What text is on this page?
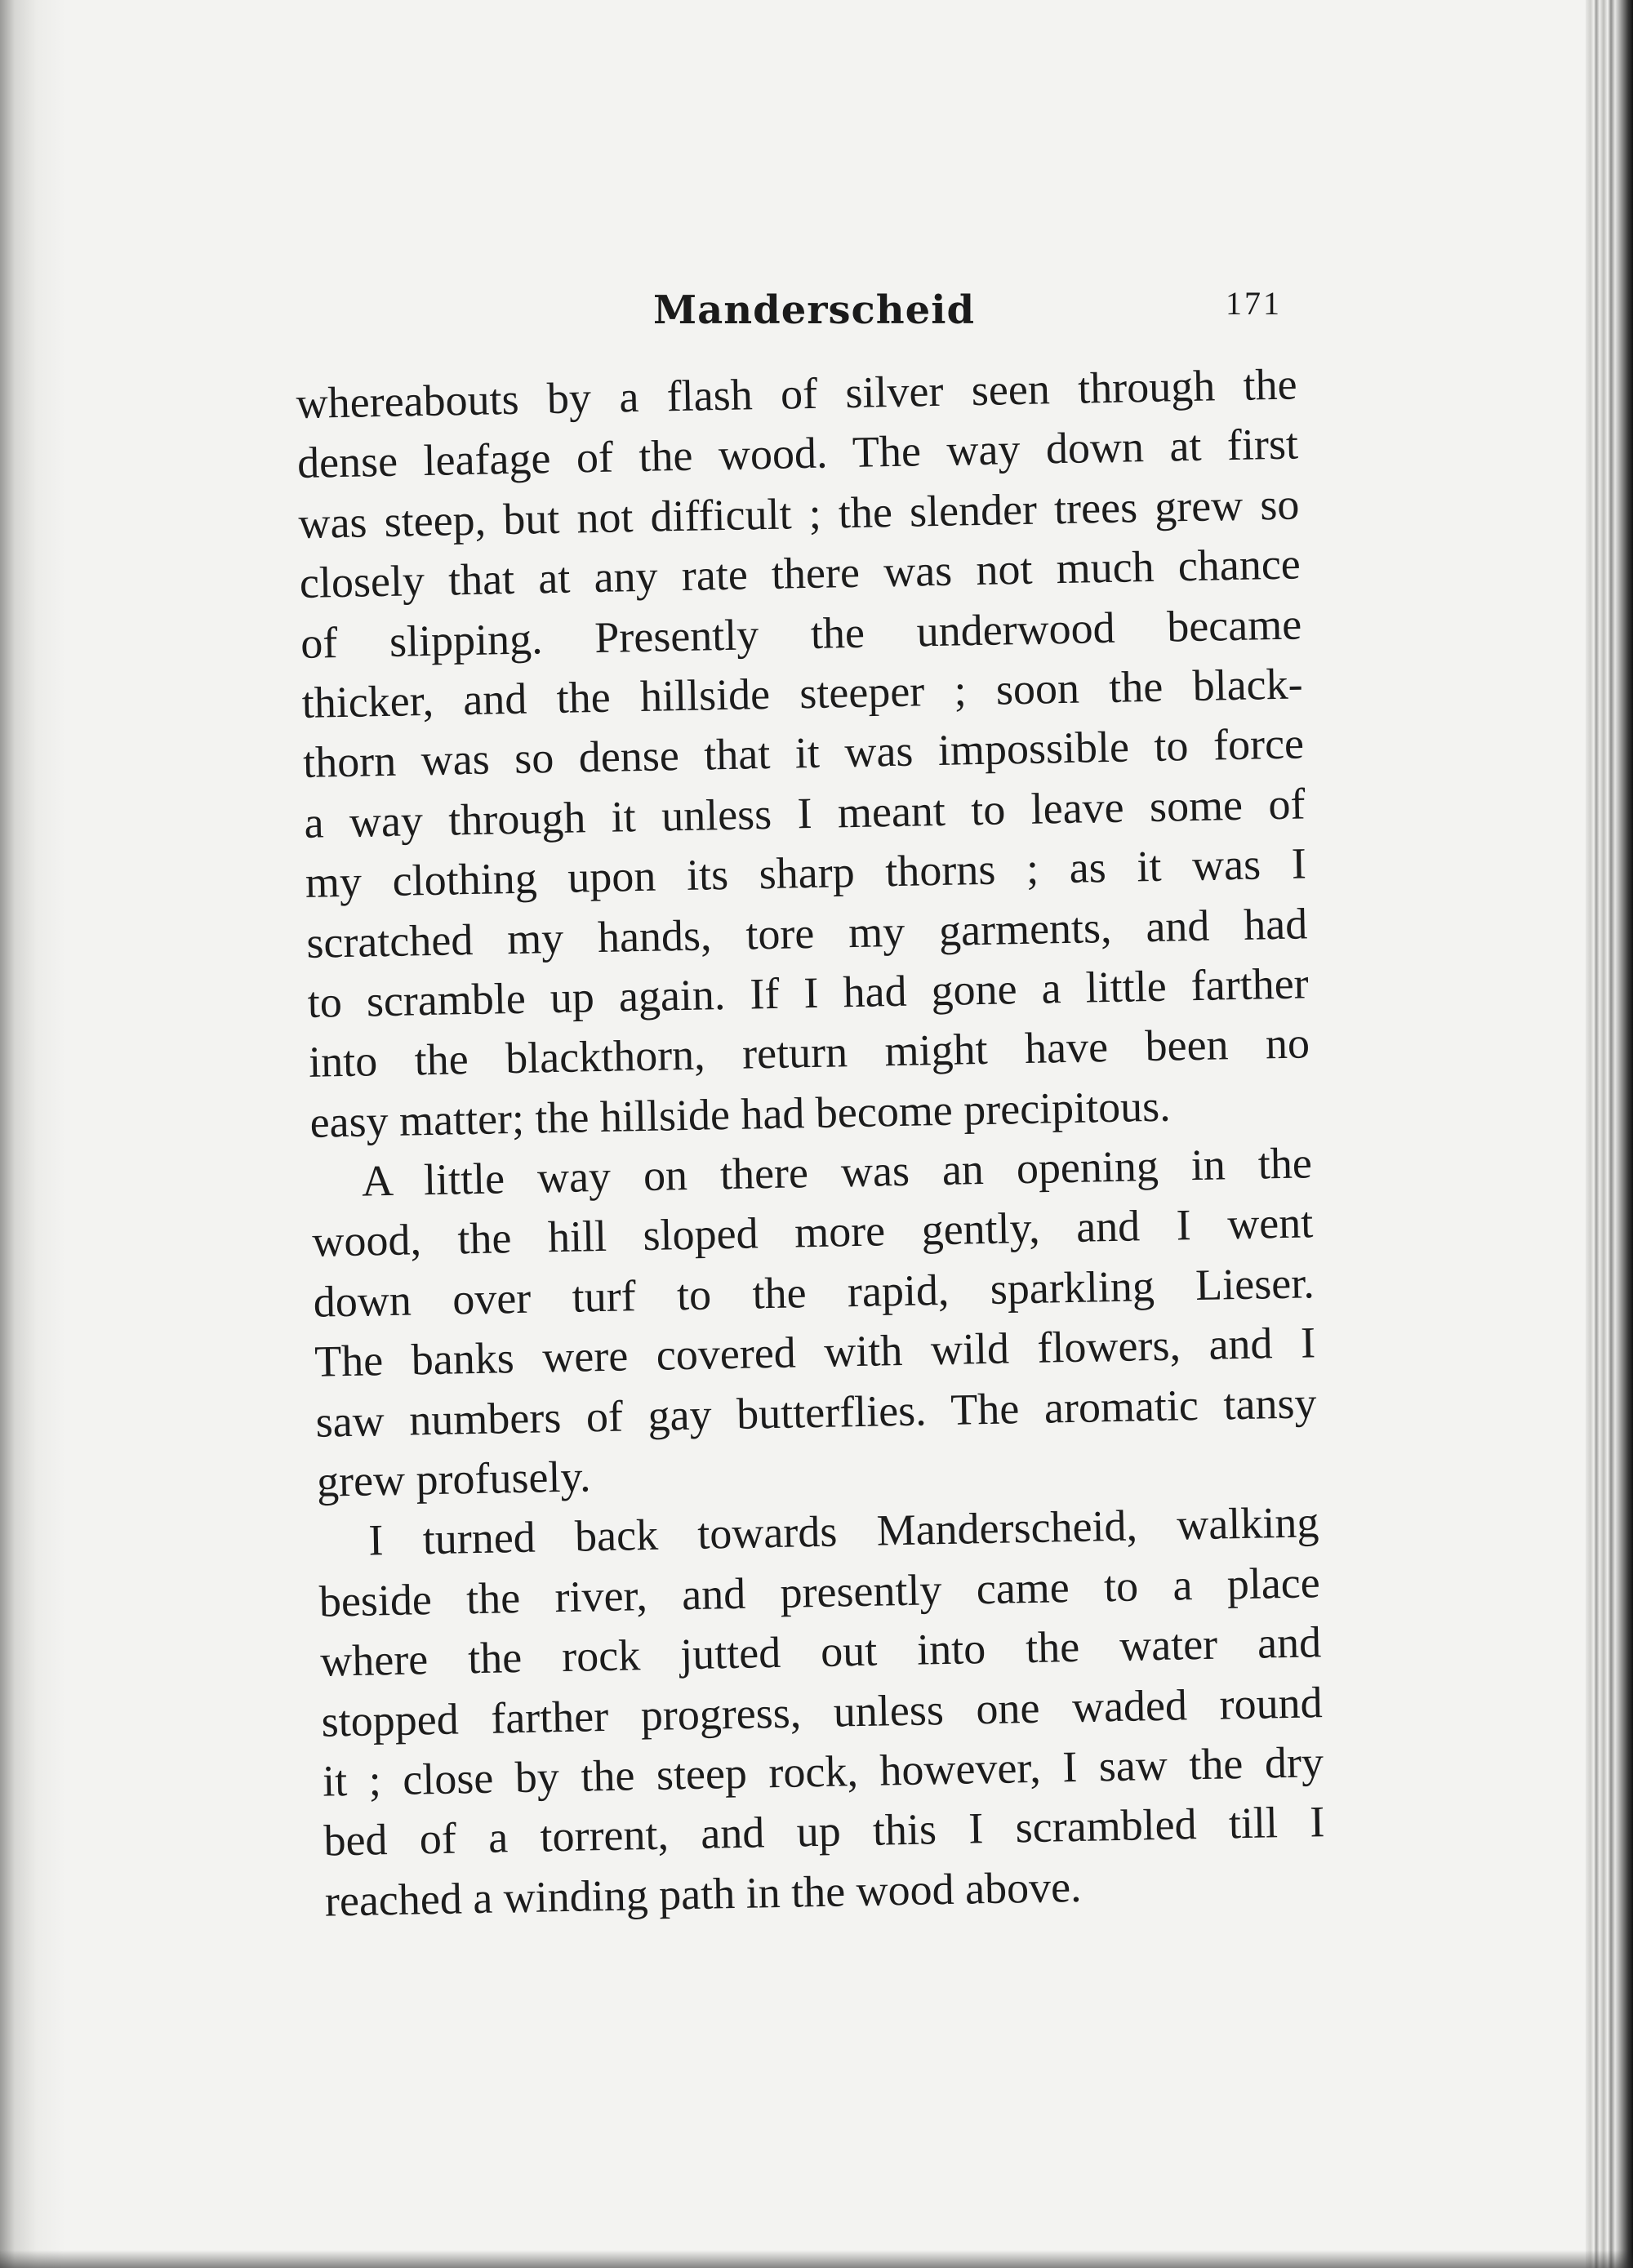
Manderscheid	171
whereabouts by a flash of silver seen through the
dense leafage of the wood. The way down at first
was steep, but not difficult ; the slender trees grew so
closely that at any rate there was not much chance
of slipping. Presently the underwood became
thicker, and the hillside steeper ; soon the black-
thorn was so dense that it was impossible to force
a way through it unless I meant to leave some of
my clothing upon its sharp thorns ; as it was I
scratched my hands, tore my garments, and had
to scramble up again. If I had gone a little farther
into the blackthorn, return might have been no
easy matter; the hillside had become precipitous.
A little way on there was an opening in the
wood, the hill sloped more gently, and I went
down over turf to the rapid, sparkling Lieser.
The banks were covered with wild flowers, and I
saw numbers of gay butterflies. The aromatic tansy
grew profusely.
I turned back towards Manderscheid, walking
beside the river, and presently came to a place
where the rock jutted out into the water and
stopped farther progress, unless one waded round
it ; close by the steep rock, however, I saw the dry
bed of a torrent, and up this I scrambled till I
reached a winding path in the wood above.
